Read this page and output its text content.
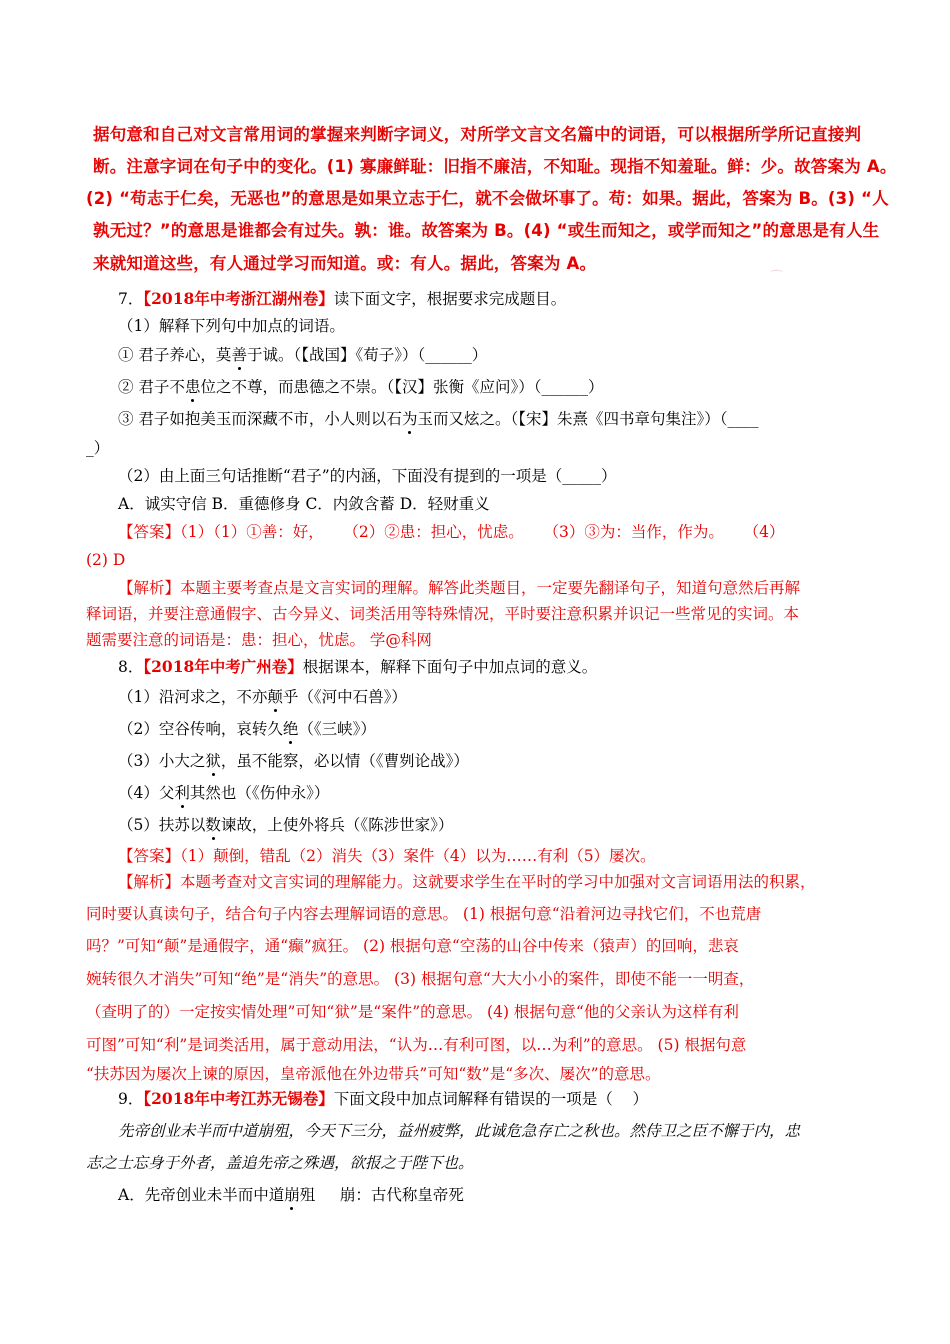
据句意和自己对文言常用词的掌握来判断字词义，对所学文言文名篇中的词语，可以根据所学所记直接判
断。注意字词在句子中的变化。(1) 寡廉鲜耻：旧指不廉洁，不知耻。现指不知羞耻。鲜：少。故答案为 A。
(2) “苟志于仁矣，无恶也”的意思是如果立志于仁，就不会做坏事了。苟：如果。据此，答案为 B。(3) “人
孰无过？”的意思是谁都会有过失。孰：谁。故答案为 B。(4) “或生而知之，或学而知之”的意思是有人生
来就知道这些，有人通过学习而知道。或：有人。据此，答案为 A。
⌒
7．【2018年中考浙江湖州卷】读下面文字，根据要求完成题目。
（1）解释下列句中加点的词语。
① 君子养心，莫善于诚。（【战国】《荀子》）（______）
② 君子不患位之不尊，而患德之不崇。（【汉】张衡《应问》）（______）
③ 君子如抱美玉而深藏不市，小人则以石为玉而又炫之。（【宋】朱熹《四书章句集注》）（____
_）
（2）由上面三句话推断“君子”的内涵，下面没有提到的一项是（_____）
A．诚实守信 B．重德修身 C．内敛含蓄 D．轻财重义
【答案】（1）（1）①善：好，    （2）②患：担心，忧虑。    （3）③为：当作，作为。    （4）
(2) D
【解析】本题主要考查点是文言实词的理解。解答此类题目，一定要先翻译句子，知道句意然后再解
释词语，并要注意通假字、古今异义、词类活用等特殊情况，平时要注意积累并识记一些常见的实词。本
题需要注意的词语是：患：担心，忧虑。 学@科网
8．【2018年中考广州卷】根据课本，解释下面句子中加点词的意义。
（1）沿河求之，不亦颠乎（《河中石兽》）
（2）空谷传响，哀转久绝（《三峡》）
（3）小大之狱，虽不能察，必以情（《曹刿论战》）
（4）父利其然也（《伤仲永》）
（5）扶苏以数谏故，上使外将兵（《陈涉世家》）
【答案】（1）颠倒，错乱（2）消失（3）案件（4）以为……有利（5）屡次。
【解析】本题考查对文言实词的理解能力。这就要求学生在平时的学习中加强对文言词语用法的积累，
同时要认真读句子，结合句子内容去理解词语的意思。 (1) 根据句意“沿着河边寻找它们，不也荒唐
吗？”可知“颠”是通假字，通“癫”疯狂。 (2) 根据句意“空荡的山谷中传来（猿声）的回响，悲哀
婉转很久才消失”可知“绝”是“消失”的意思。 (3) 根据句意“大大小小的案件，即使不能一一明查，
（查明了的）一定按实情处理”可知“狱”是“案件”的意思。 (4) 根据句意“他的父亲认为这样有利
可图”可知“利”是词类活用，属于意动用法，“认为…有利可图，以…为利”的意思。 (5) 根据句意
“扶苏因为屡次上谏的原因，皇帝派他在外边带兵”可知“数”是“多次、屡次”的意思。
9．【2018年中考江苏无锡卷】下面文段中加点词解释有错误的一项是（    ）
先帝创业未半而中道崩殂，今天下三分，益州疲弊，此诚危急存亡之秋也。然侍卫之臣不懈于内，忠
志之士忘身于外者，盖追先帝之殊遇，欲报之于陛下也。
A．先帝创业未半而中道崩殂     崩：古代称皇帝死
